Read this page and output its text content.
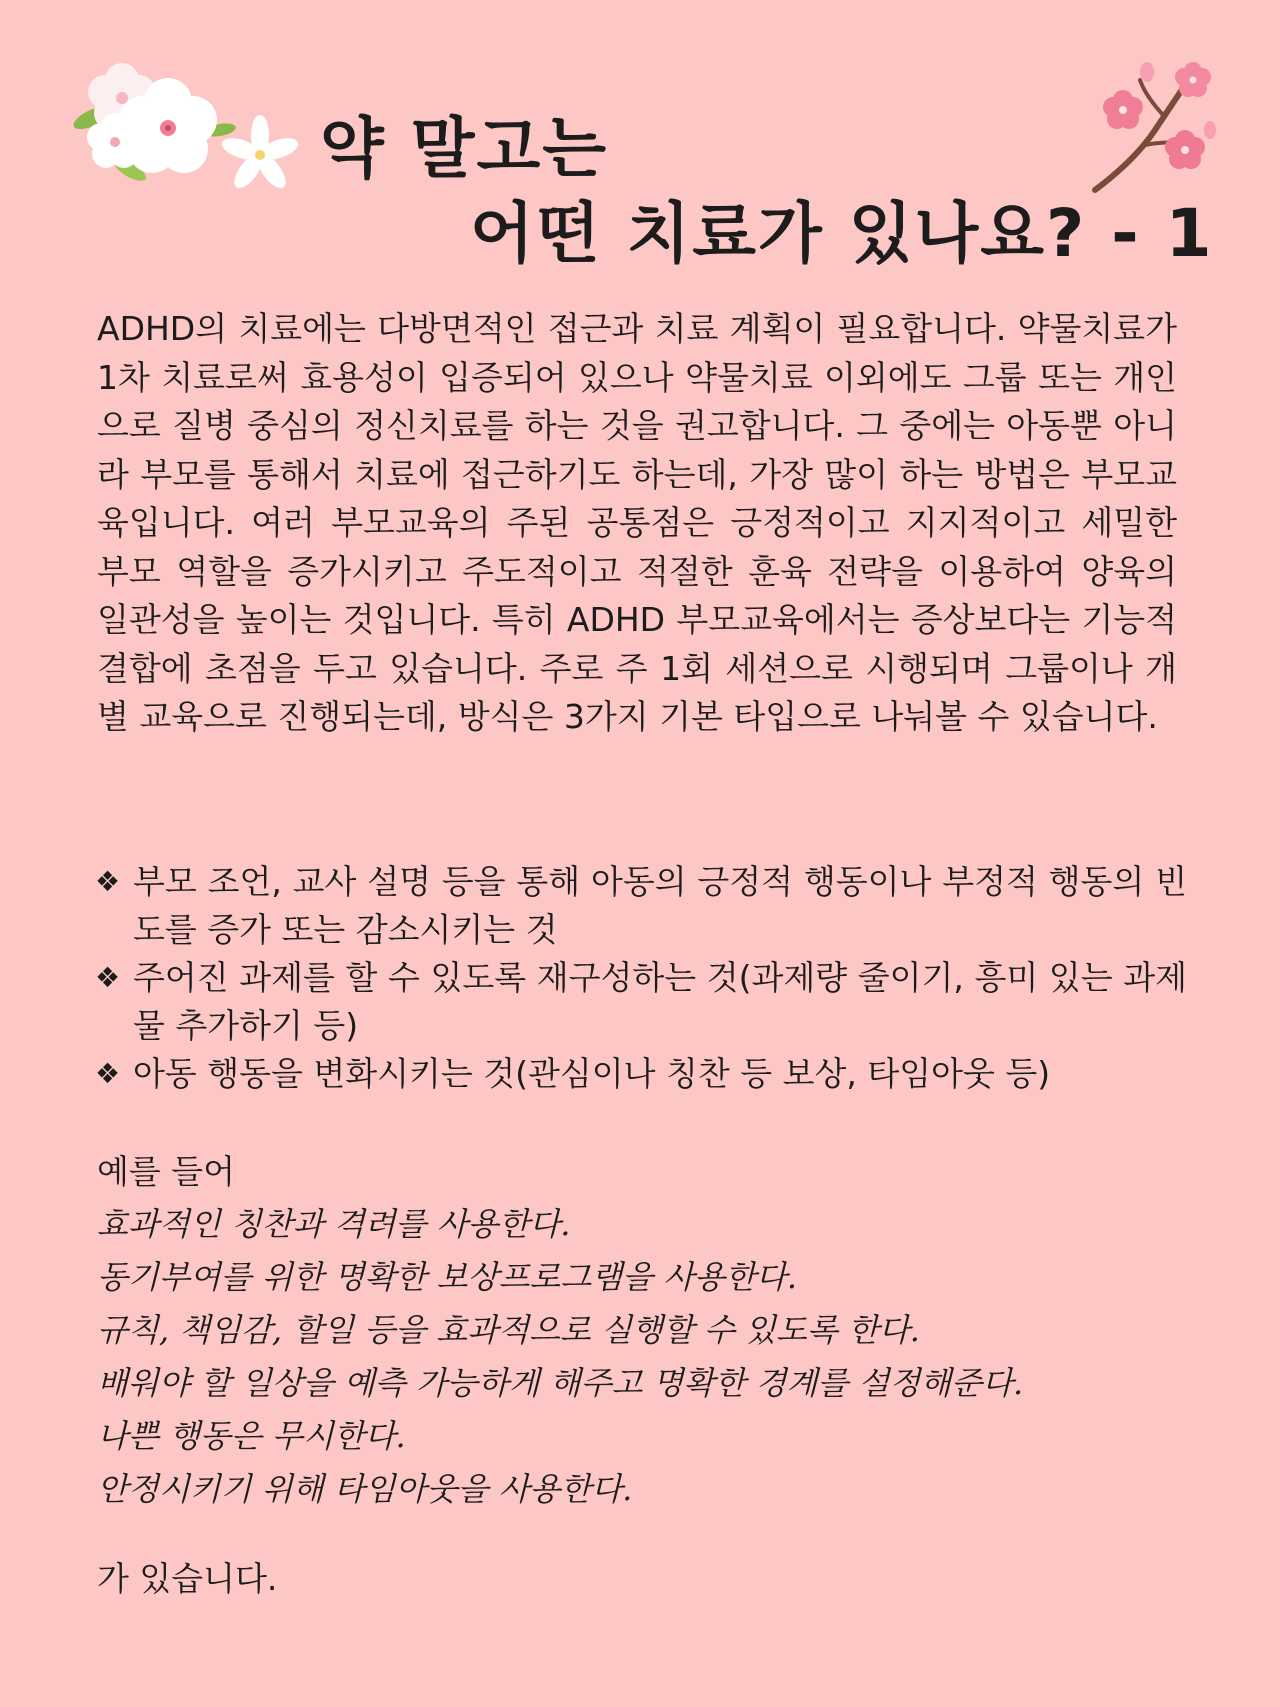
약 말고는
어떤 치료가 있나요? - 1

ADHD의 치료에는 다방면적인 접근과 치료 계획이 필요합니다. 약물치료가 1차 치료로써 효용성이 입증되어 있으나 약물치료 이외에도 그룹 또는 개인으로 질병 중심의 정신치료를 하는 것을 권고합니다. 그 중에는 아동뿐 아니라 부모를 통해서 치료에 접근하기도 하는데, 가장 많이 하는 방법은 부모교육입니다. 여러 부모교육의 주된 공통점은 긍정적이고 지지적이고 세밀한 부모 역할을 증가시키고 주도적이고 적절한 훈육 전략을 이용하여 양육의 일관성을 높이는 것입니다. 특히 ADHD 부모교육에서는 증상보다는 기능적 결합에 초점을 두고 있습니다. 주로 주 1회 세션으로 시행되며 그룹이나 개별 교육으로 진행되는데, 방식은 3가지 기본 타입으로 나눠볼 수 있습니다.

❖ 부모 조언, 교사 설명 등을 통해 아동의 긍정적 행동이나 부정적 행동의 빈도를 증가 또는 감소시키는 것
❖ 주어진 과제를 할 수 있도록 재구성하는 것(과제량 줄이기, 흥미 있는 과제물 추가하기 등)
❖ 아동 행동을 변화시키는 것(관심이나 칭찬 등 보상, 타임아웃 등)

예를 들어

효과적인 칭찬과 격려를 사용한다.

동기부여를 위한 명확한 보상프로그램을 사용한다.

규칙, 책임감, 할일 등을 효과적으로 실행할 수 있도록 한다.

배워야 할 일상을 예측 가능하게 해주고 명확한 경계를 설정해준다.

나쁜 행동은 무시한다.

안정시키기 위해 타임아웃을 사용한다.

가 있습니다.
